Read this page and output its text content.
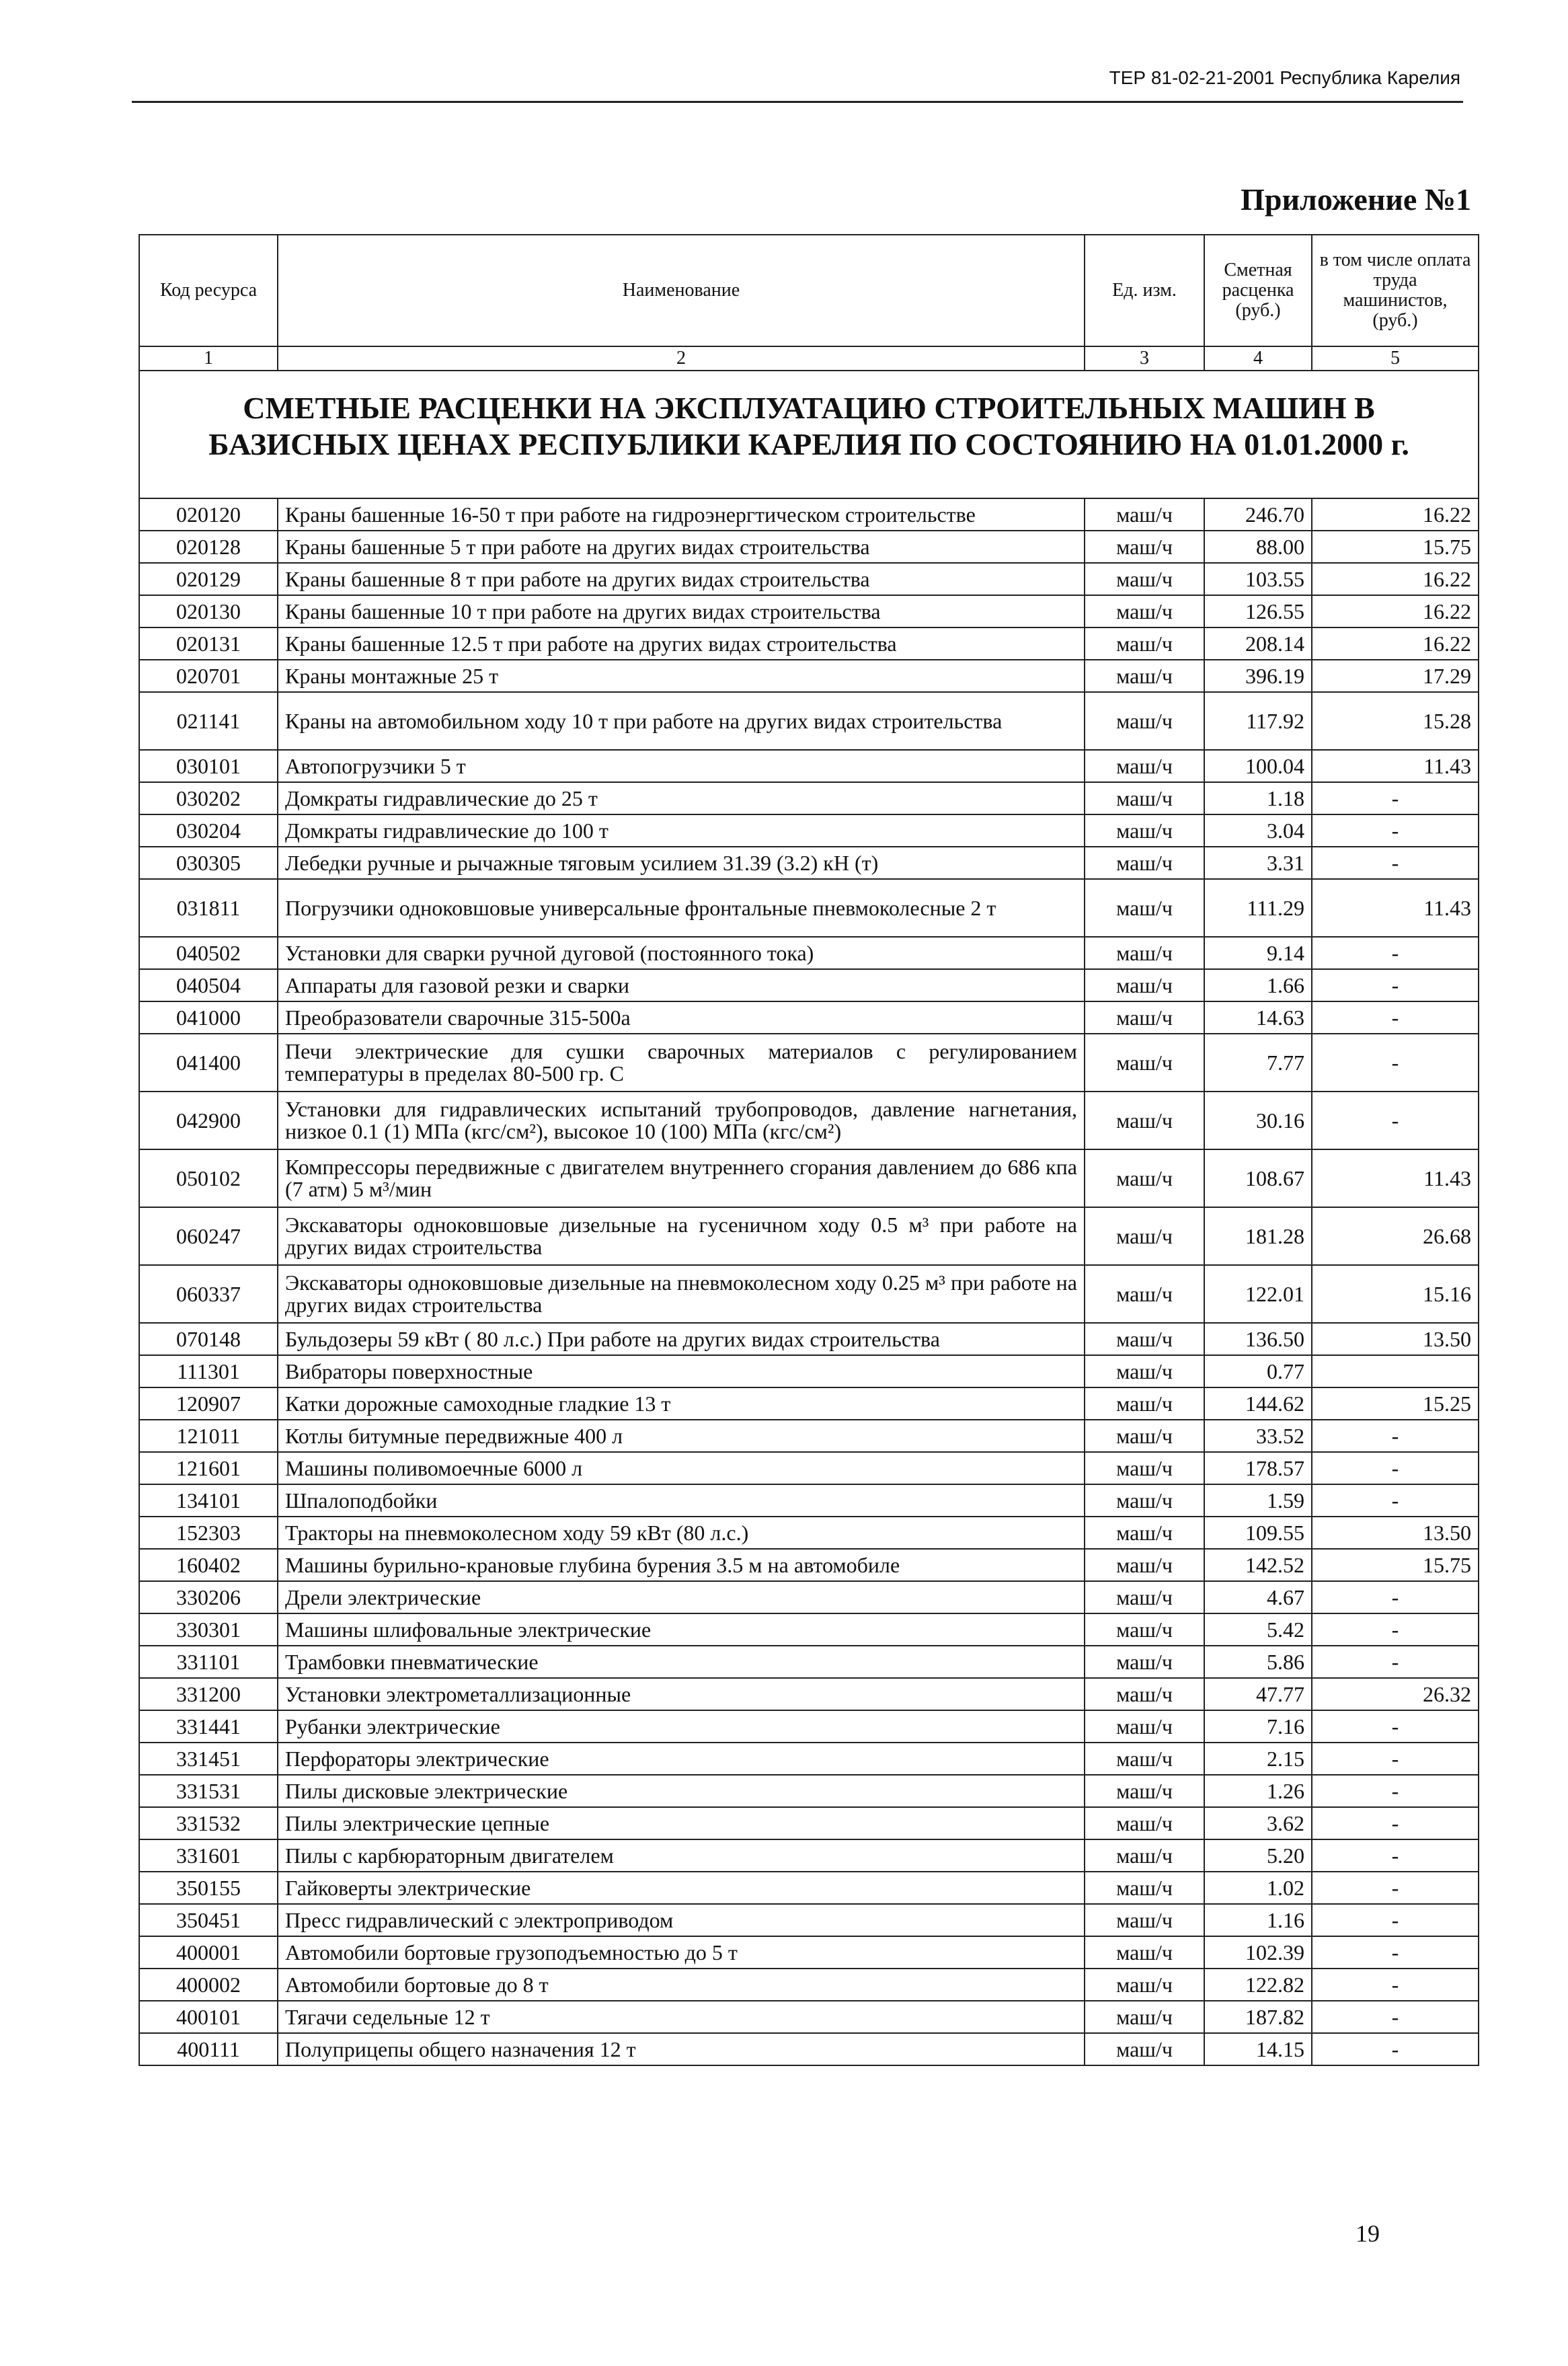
ТЕР 81-02-21-2001 Республика Карелия
Приложение №1
Код ресурса	Наименование	Ед. изм.	Сметная расценка (руб.)	в том числе оплата труда машинистов, (руб.)
1	2	3	4	5
СМЕТНЫЕ РАСЦЕНКИ НА ЭКСПЛУАТАЦИЮ СТРОИТЕЛЬНЫХ МАШИН В БАЗИСНЫХ ЦЕНАХ РЕСПУБЛИКИ КАРЕЛИЯ ПО СОСТОЯНИЮ НА 01.01.2000 г.				
020120	Краны башенные 16-50 т при работе на гидроэнергтическом строительстве	маш/ч	246.70	16.22
020128	Краны башенные 5 т при работе на других видах строительства	маш/ч	88.00	15.75
020129	Краны башенные 8 т при работе на других видах строительства	маш/ч	103.55	16.22
020130	Краны башенные 10 т при работе на других видах строительства	маш/ч	126.55	16.22
020131	Краны башенные 12.5 т при работе на других видах строительства	маш/ч	208.14	16.22
020701	Краны монтажные 25 т	маш/ч	396.19	17.29
021141	Краны на автомобильном ходу 10 т при работе на других видах строительства	маш/ч	117.92	15.28
030101	Автопогрузчики 5 т	маш/ч	100.04	11.43
030202	Домкраты гидравлические до 25 т	маш/ч	1.18	-
030204	Домкраты гидравлические до 100 т	маш/ч	3.04	-
030305	Лебедки ручные и рычажные тяговым усилием 31.39 (3.2) кН (т)	маш/ч	3.31	-
031811	Погрузчики одноковшовые универсальные фронтальные пневмоколесные 2 т	маш/ч	111.29	11.43
040502	Установки для сварки ручной дуговой (постоянного тока)	маш/ч	9.14	-
040504	Аппараты для газовой резки и сварки	маш/ч	1.66	-
041000	Преобразователи сварочные 315-500а	маш/ч	14.63	-
041400	Печи электрические для сушки сварочных материалов с регулированием температуры в пределах 80-500 гр. С	маш/ч	7.77	-
042900	Установки для гидравлических испытаний трубопроводов, давление нагнетания, низкое 0.1 (1) МПа (кгс/см²), высокое 10 (100) МПа (кгс/см²)	маш/ч	30.16	-
050102	Компрессоры передвижные с двигателем внутреннего сгорания давлением до 686 кпа (7 атм) 5 м³/мин	маш/ч	108.67	11.43
060247	Экскаваторы одноковшовые дизельные на гусеничном ходу 0.5 м³ при работе на других видах строительства	маш/ч	181.28	26.68
060337	Экскаваторы одноковшовые дизельные на пневмоколесном ходу 0.25 м³ при работе на других видах строительства	маш/ч	122.01	15.16
070148	Бульдозеры 59 кВт ( 80 л.с.) При работе на других видах строительства	маш/ч	136.50	13.50
111301	Вибраторы поверхностные	маш/ч	0.77	
120907	Катки дорожные самоходные гладкие 13 т	маш/ч	144.62	15.25
121011	Котлы битумные передвижные 400 л	маш/ч	33.52	-
121601	Машины поливомоечные 6000 л	маш/ч	178.57	-
134101	Шпалоподбойки	маш/ч	1.59	-
152303	Тракторы на пневмоколесном ходу 59 кВт (80 л.с.)	маш/ч	109.55	13.50
160402	Машины бурильно-крановые глубина бурения 3.5 м на автомобиле	маш/ч	142.52	15.75
330206	Дрели электрические	маш/ч	4.67	-
330301	Машины шлифовальные электрические	маш/ч	5.42	-
331101	Трамбовки пневматические	маш/ч	5.86	-
331200	Установки электрометаллизационные	маш/ч	47.77	26.32
331441	Рубанки электрические	маш/ч	7.16	-
331451	Перфораторы электрические	маш/ч	2.15	-
331531	Пилы дисковые электрические	маш/ч	1.26	-
331532	Пилы электрические цепные	маш/ч	3.62	-
331601	Пилы с карбюраторным двигателем	маш/ч	5.20	-
350155	Гайковерты электрические	маш/ч	1.02	-
350451	Пресс гидравлический с электроприводом	маш/ч	1.16	-
400001	Автомобили бортовые грузоподъемностью до 5 т	маш/ч	102.39	-
400002	Автомобили бортовые до 8 т	маш/ч	122.82	-
400101	Тягачи седельные 12 т	маш/ч	187.82	-
400111	Полуприцепы общего назначения 12 т	маш/ч	14.15	-
19
